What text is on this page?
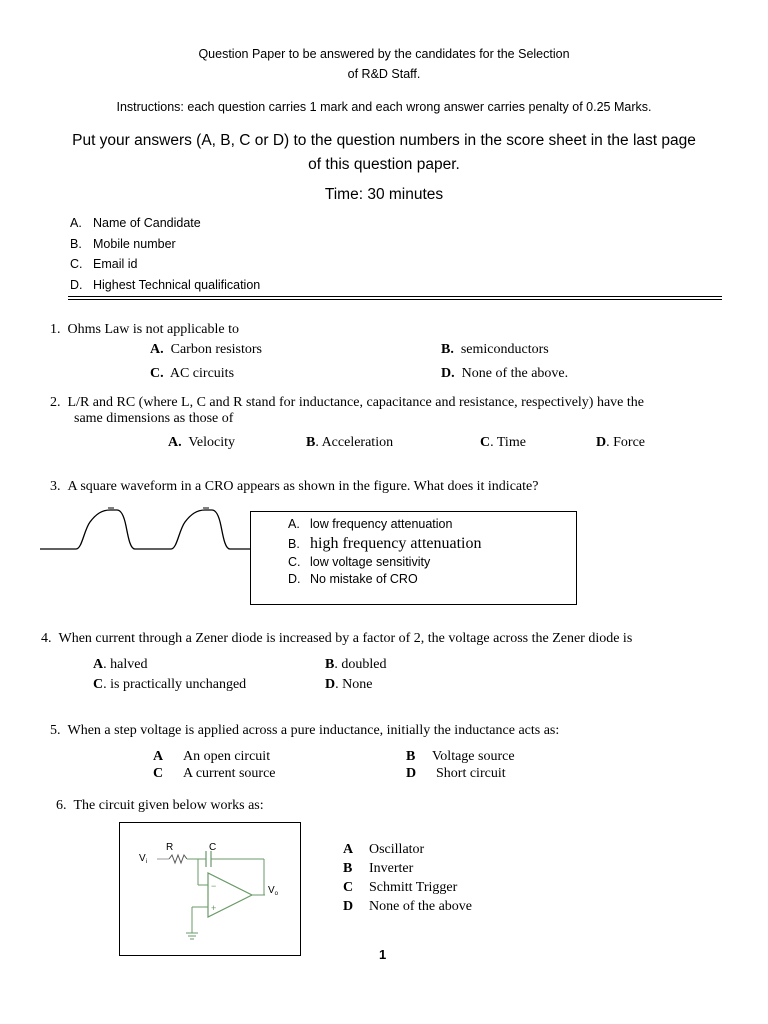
Question Paper to be answered by the candidates for the Selection
of R&D Staff.
Instructions: each question carries 1 mark and each wrong answer carries penalty of 0.25 Marks.
Put your answers (A, B, C or D) to the question numbers in the score sheet in the last page
of this question paper.
Time: 30 minutes
A. Name of Candidate
B. Mobile number
C. Email id
D. Highest Technical qualification
1. Ohms Law is not applicable to
A. Carbon resistors	B. semiconductors
C. AC circuits	D. None of the above.
2. L/R and RC (where L, C and R stand for inductance, capacitance and resistance, respectively) have the
same dimensions as those of
A. Velocity	B. Acceleration	C. Time	D. Force
3. A square waveform in a CRO appears as shown in the figure. What does it indicate?
A. low frequency attenuation
B. high frequency attenuation
C. low voltage sensitivity
D. No mistake of CRO
4. When current through a Zener diode is increased by a factor of 2, the voltage across the Zener diode is
A. halved	B. doubled
C. is practically unchanged	D. None
5. When a step voltage is applied across a pure inductance, initially the inductance acts as:
A An open circuit	B Voltage source
C A current source	D Short circuit
6. The circuit given below works as:
$V_i$
R	C
−
+
$V_o$
A Oscillator
B Inverter
C Schmitt Trigger
D None of the above
1
